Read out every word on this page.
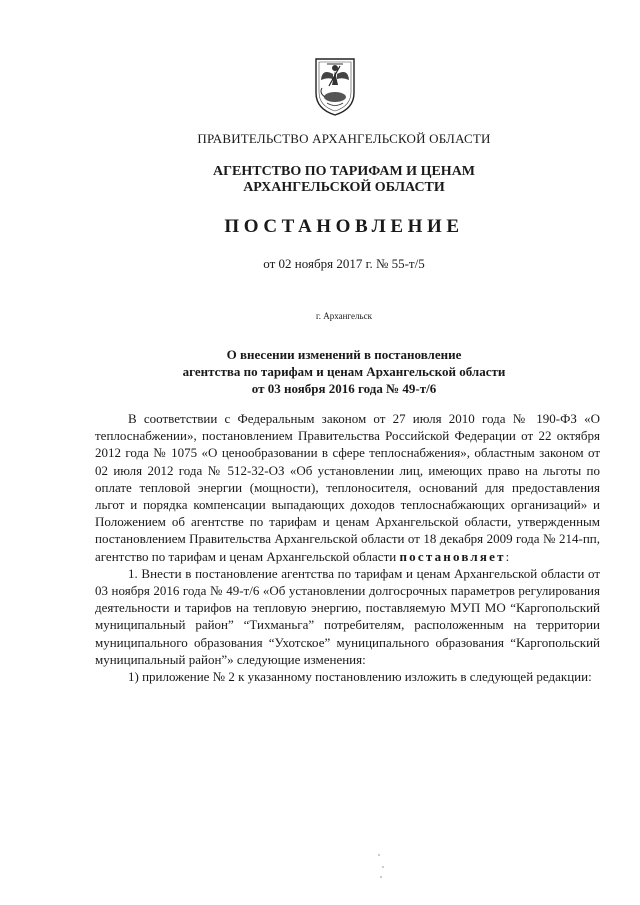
ПРАВИТЕЛЬСТВО АРХАНГЕЛЬСКОЙ ОБЛАСТИ
АГЕНТСТВО ПО ТАРИФАМ И ЦЕНАМ
АРХАНГЕЛЬСКОЙ ОБЛАСТИ
ПОСТАНОВЛЕНИЕ
от 02 ноября 2017 г. № 55-т/5
г. Архангельск
О внесении изменений в постановление
агентства по тарифам и ценам Архангельской области
от 03 ноября 2016 года № 49-т/6

В соответствии с Федеральным законом от 27 июля 2010 года № 190-ФЗ «О теплоснабжении», постановлением Правительства Российской Федерации от 22 октября 2012 года № 1075 «О ценообразовании в сфере теплоснабжения», областным законом от 02 июля 2012 года № 512-32-ОЗ «Об установлении лиц, имеющих право на льготы по оплате тепловой энергии (мощности), теплоносителя, оснований для предоставления льгот и порядка компенсации выпадающих доходов теплоснабжающих организаций» и Положением об агентстве по тарифам и ценам Архангельской области, утвержденным постановлением Правительства Архангельской области от 18 декабря 2009 года № 214-пп, агентство по тарифам и ценам Архангельской области постановляет:

1. Внести в постановление агентства по тарифам и ценам Архангельской области от 03 ноября 2016 года № 49-т/6 «Об установлении долгосрочных параметров регулирования деятельности и тарифов на тепловую энергию, поставляемую МУП МО “Каргопольский муниципальный район” “Тихманьга” потребителям, расположенным на территории муниципального образования “Ухотское” муниципального образования “Каргопольский муниципальный район”» следующие изменения:

1) приложение № 2 к указанному постановлению изложить в следующей редакции:
